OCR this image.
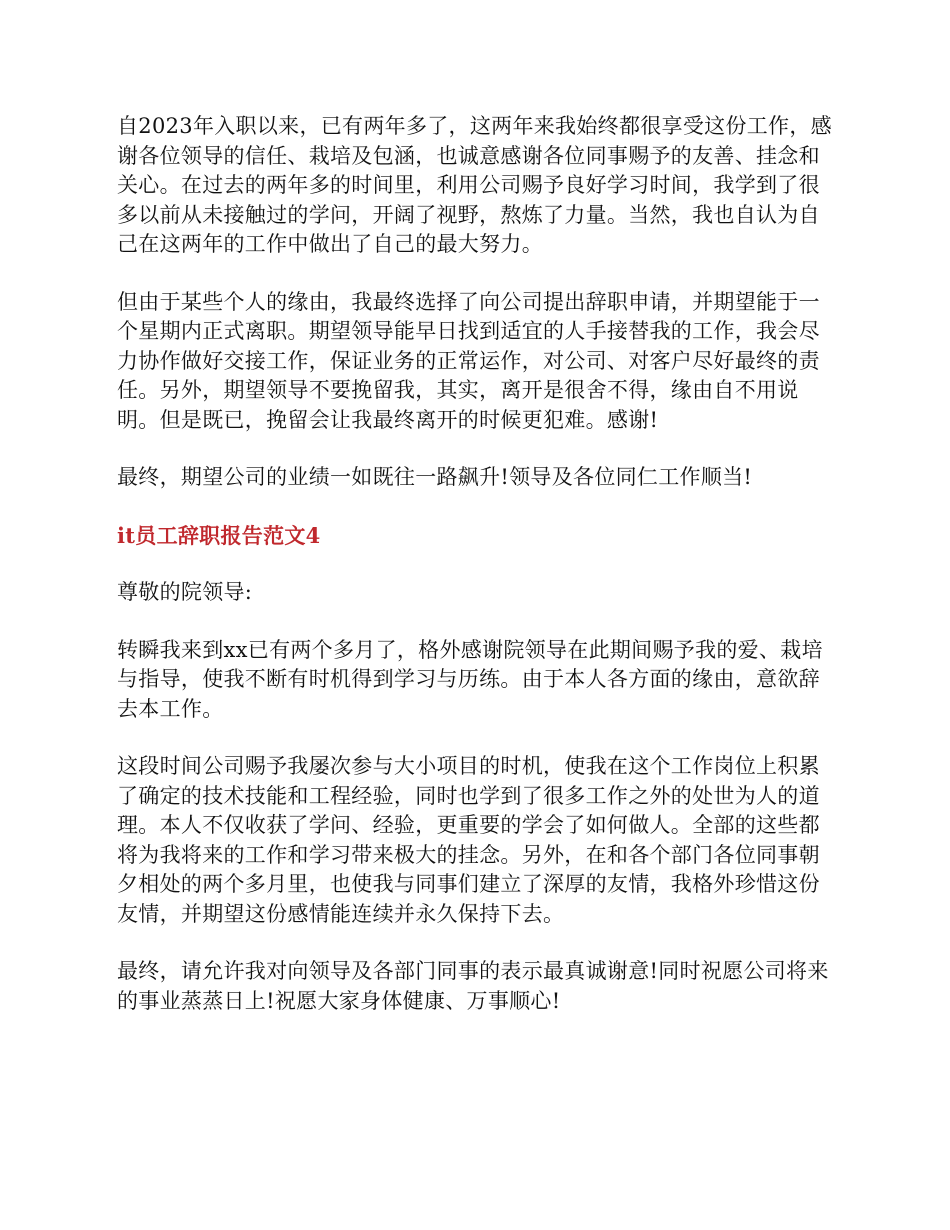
自2023年入职以来，已有两年多了，这两年来我始终都很享受这份工作，感谢各位领导的信任、栽培及包涵，也诚意感谢各位同事赐予的友善、挂念和关心。在过去的两年多的时间里，利用公司赐予良好学习时间，我学到了很多以前从未接触过的学问，开阔了视野，熬炼了力量。当然，我也自认为自己在这两年的工作中做出了自己的最大努力。

但由于某些个人的缘由，我最终选择了向公司提出辞职申请，并期望能于一个星期内正式离职。期望领导能早日找到适宜的人手接替我的工作，我会尽力协作做好交接工作，保证业务的正常运作，对公司、对客户尽好最终的责任。另外，期望领导不要挽留我，其实，离开是很舍不得，缘由自不用说明。但是既已，挽留会让我最终离开的时候更犯难。感谢!

最终，期望公司的业绩一如既往一路飙升!领导及各位同仁工作顺当!

it员工辞职报告范文4

尊敬的院领导:

转瞬我来到xx已有两个多月了，格外感谢院领导在此期间赐予我的爱、栽培与指导，使我不断有时机得到学习与历练。由于本人各方面的缘由，意欲辞去本工作。

这段时间公司赐予我屡次参与大小项目的时机，使我在这个工作岗位上积累了确定的技术技能和工程经验，同时也学到了很多工作之外的处世为人的道理。本人不仅收获了学问、经验，更重要的学会了如何做人。全部的这些都将为我将来的工作和学习带来极大的挂念。另外，在和各个部门各位同事朝夕相处的两个多月里，也使我与同事们建立了深厚的友情，我格外珍惜这份友情，并期望这份感情能连续并永久保持下去。

最终，请允许我对向领导及各部门同事的表示最真诚谢意!同时祝愿公司将来的事业蒸蒸日上!祝愿大家身体健康、万事顺心!
